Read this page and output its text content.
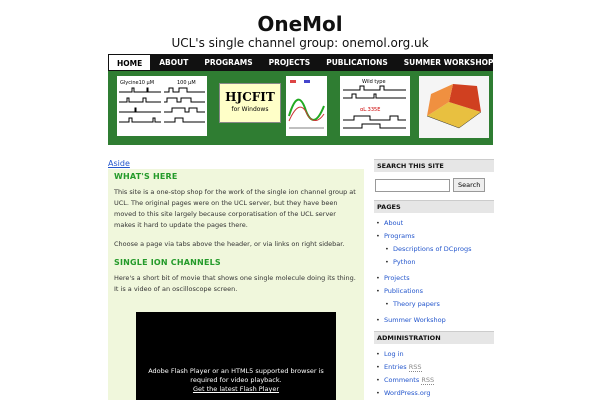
OneMol
UCL's single channel group: onemol.org.uk
HOME	ABOUT	PROGRAMS	PROJECTS	PUBLICATIONS	SUMMER WORKSHOP
Glycine10 µM	100 µM
HJCFIT
for Windows
Wild type
αL.335E
Aside
WHAT'S HERE

This site is a one-stop shop for the work of the single ion channel group at UCL. The original pages were on the UCL server, but they have been moved to this site largely because corporatisation of the UCL server makes it hard to update the pages there.

Choose a page via tabs above the header, or via links on right sidebar.

SINGLE ION CHANNELS

Here's a short bit of movie that shows one single molecule doing its thing. It is a video of an oscilloscope screen.

Adobe Flash Player or an HTML5 supported browser is required for video playback.
Get the latest Flash Player
SEARCH THIS SITE
Search
PAGES
• About
• Programs
• Descriptions of DCprogs
• Python
• Projects
• Publications
• Theory papers
• Summer Workshop
ADMINISTRATION
• Log in
• Entries RSS
• Comments RSS
• WordPress.org
